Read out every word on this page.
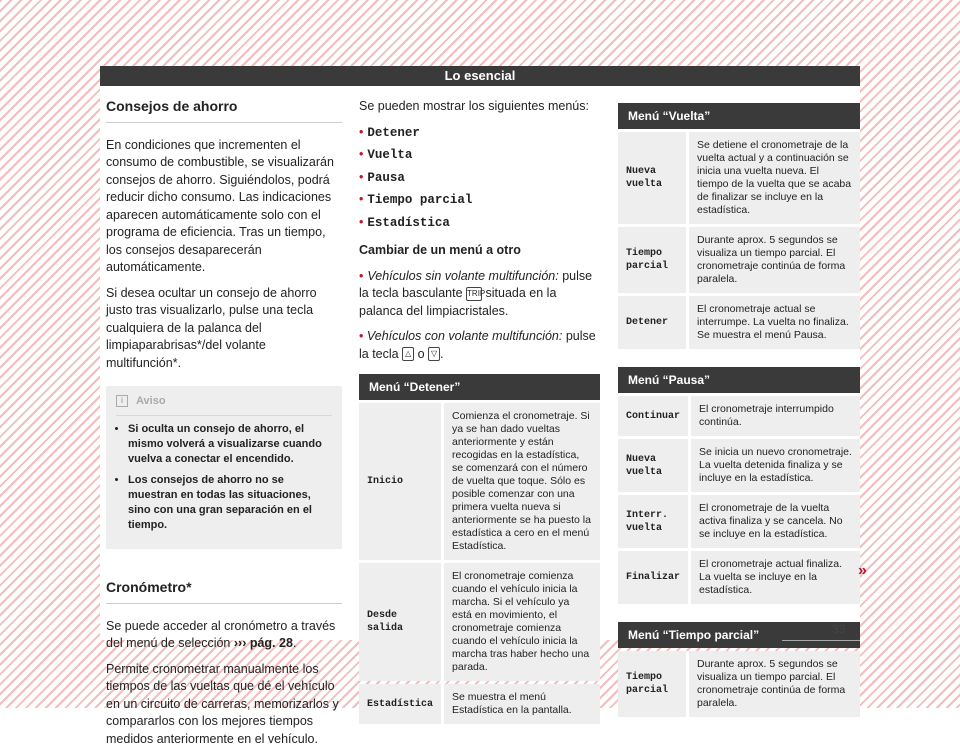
Lo esencial
Consejos de ahorro

En condiciones que incrementen el consumo de combustible, se visualizarán consejos de ahorro. Siguiéndolos, podrá reducir dicho consumo. Las indicaciones aparecen automáticamente solo con el programa de eficiencia. Tras un tiempo, los consejos desaparecerán automáticamente.

Si desea ocultar un consejo de ahorro justo tras visualizarlo, pulse una tecla cualquiera de la palanca del limpiaparabrisas*/del volante multifunción*.

i Aviso
• Si oculta un consejo de ahorro, el mismo volverá a visualizarse cuando vuelva a conectar el encendido.
• Los consejos de ahorro no se muestran en todas las situaciones, sino con una gran separación en el tiempo.
Cronómetro*

Se puede acceder al cronómetro a través del menú de selección ››› pág. 28.

Permite cronometrar manualmente los tiempos de las vueltas que dé el vehículo en un circuito de carreras, memorizarlos y compararlos con los mejores tiempos medidos anteriormente en el vehículo.

Se pueden mostrar los siguientes menús:

• Detener
• Vuelta
• Pausa
• Tiempo parcial
• Estadística

Cambiar de un menú a otro

• Vehículos sin volante multifunción: pulse la tecla basculante TRIP situada en la palanca del limpiacristales.

• Vehículos con volante multifunción: pulse la tecla △ o ▽ .

Menú “Detener”	
Inicio	Comienza el cronometraje. Si ya se han dado vueltas anteriormente y están recogidas en la estadística, se comenzará con el número de vuelta que toque. Sólo es posible comenzar con una primera vuelta nueva si anteriormente se ha puesto la estadística a cero en el menú Estadística.
Desde salida	El cronometraje comienza cuando el vehículo inicia la marcha. Si el vehículo ya está en movimiento, el cronometraje comienza cuando el vehículo inicia la marcha tras haber hecho una parada.
Estadística	Se muestra el menú Estadística en la pantalla.
Menú “Vuelta”	
Nueva vuelta	Se detiene el cronometraje de la vuelta actual y a continuación se inicia una vuelta nueva. El tiempo de la vuelta que se acaba de finalizar se incluye en la estadística.
Tiempo parcial	Durante aprox. 5 segundos se visualiza un tiempo parcial. El cronometraje continúa de forma paralela.
Detener	El cronometraje actual se interrumpe. La vuelta no finaliza. Se muestra el menú Pausa.
Menú “Pausa”	
Continuar	El cronometraje interrumpido continúa.
Nueva vuelta	Se inicia un nuevo cronometraje. La vuelta detenida finaliza y se incluye en la estadística.
Interr. vuelta	El cronometraje de la vuelta activa finaliza y se cancela. No se incluye en la estadística.
Finalizar	El cronometraje actual finaliza. La vuelta se incluye en la estadística.
Menú “Tiempo parcial”
Tiempo parcial	Durante aprox. 5 segundos se visualiza un tiempo parcial. El cronometraje continúa de forma paralela.
»
33
